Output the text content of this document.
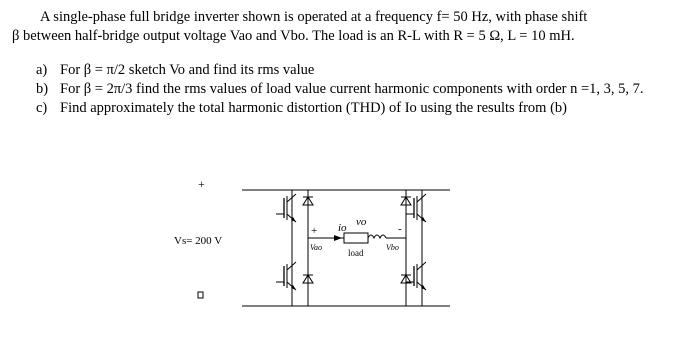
A single-phase full bridge inverter shown is operated at a frequency f= 50 Hz, with phase shift

β between half-bridge output voltage Vao and Vbo. The load is an R-L with R = 5 Ω, L = 10 mH.

a) For β = π/2 sketch Vo and find its rms value
b) For β = 2π/3 find the rms values of load value current harmonic components with order n =1, 3, 5, 7.
c) Find approximately the total harmonic distortion (THD) of Io using the results from (b)
+
Vs= 200 V
io vo
+	-
Vao
load
Vbo
